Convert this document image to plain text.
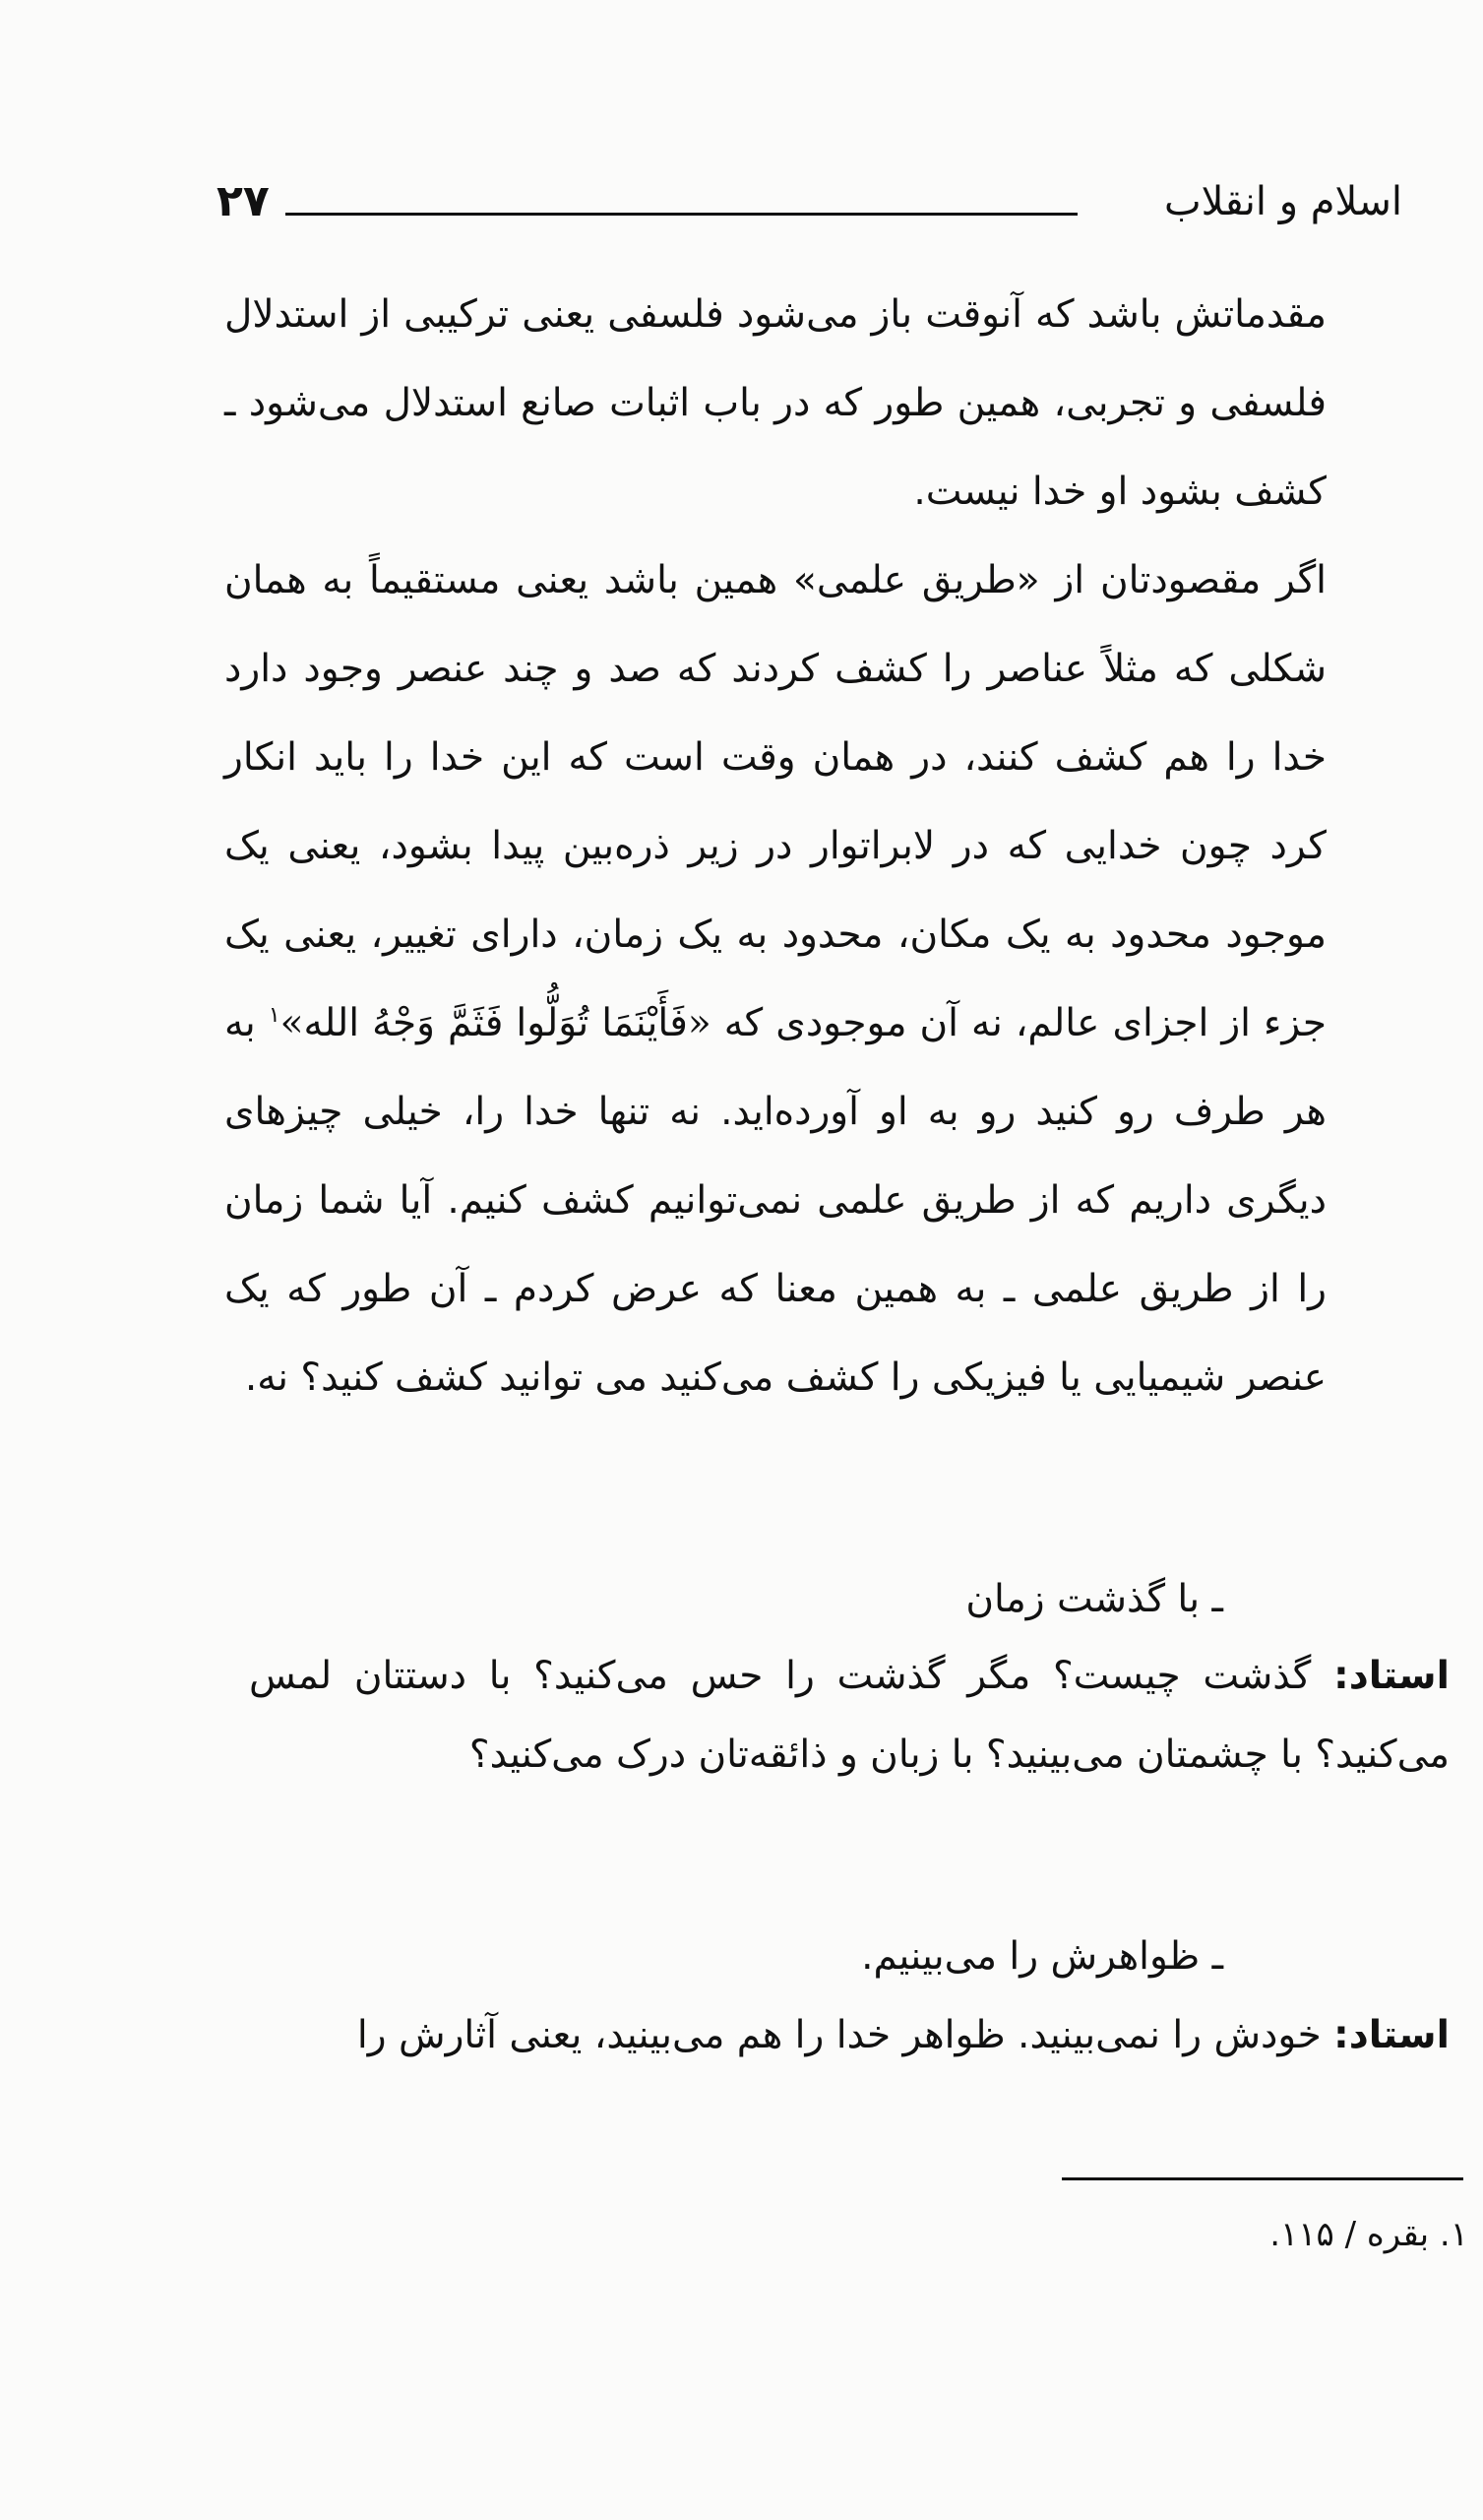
اسلام و انقلاب
۲۷

مقدماتش باشد که آنوقت باز می‌شود فلسفی یعنی ترکیبی از استدلال فلسفی و تجربی، همین طور که در باب اثبات صانع استدلال می‌شود ـ کشف بشود او خدا نیست.

اگر مقصودتان از «طریق علمی» همین باشد یعنی مستقیماً به همان شکلی که مثلاً عناصر را کشف کردند که صد و چند عنصر وجود دارد خدا را هم کشف کنند، در همان وقت است که این خدا را باید انکار کرد چون خدایی که در لابراتوار در زیر ذره‌بین پیدا بشود، یعنی یک موجود محدود به یک مکان، محدود به یک زمان، دارای تغییر، یعنی یک جزء از اجزای عالم، نه آن موجودی که «فَأَيْنَمَا تُوَلُّوا فَثَمَّ وَجْهُ الله»$^۱$ به هر طرف رو کنید رو به او آورده‌اید. نه تنها خدا را، خیلی چیزهای دیگری داریم که از طریق علمی نمی‌توانیم کشف کنیم. آیا شما زمان را از طریق علمی ـ به همین معنا که عرض کردم ـ آن طور که یک عنصر شیمیایی یا فیزیکی را کشف می‌کنید می توانید کشف کنید؟ نه.

ـ با گذشت زمان
استاد: گذشت چیست؟ مگر گذشت را حس می‌کنید؟ با دستتان لمس می‌کنید؟ با چشمتان می‌بینید؟ با زبان و ذائقه‌تان درک می‌کنید؟
ـ ظواهرش را می‌بینیم.
استاد: خودش را نمی‌بینید. ظواهر خدا را هم می‌بینید، یعنی آثارش را
۱. بقره / ۱۱۵.
